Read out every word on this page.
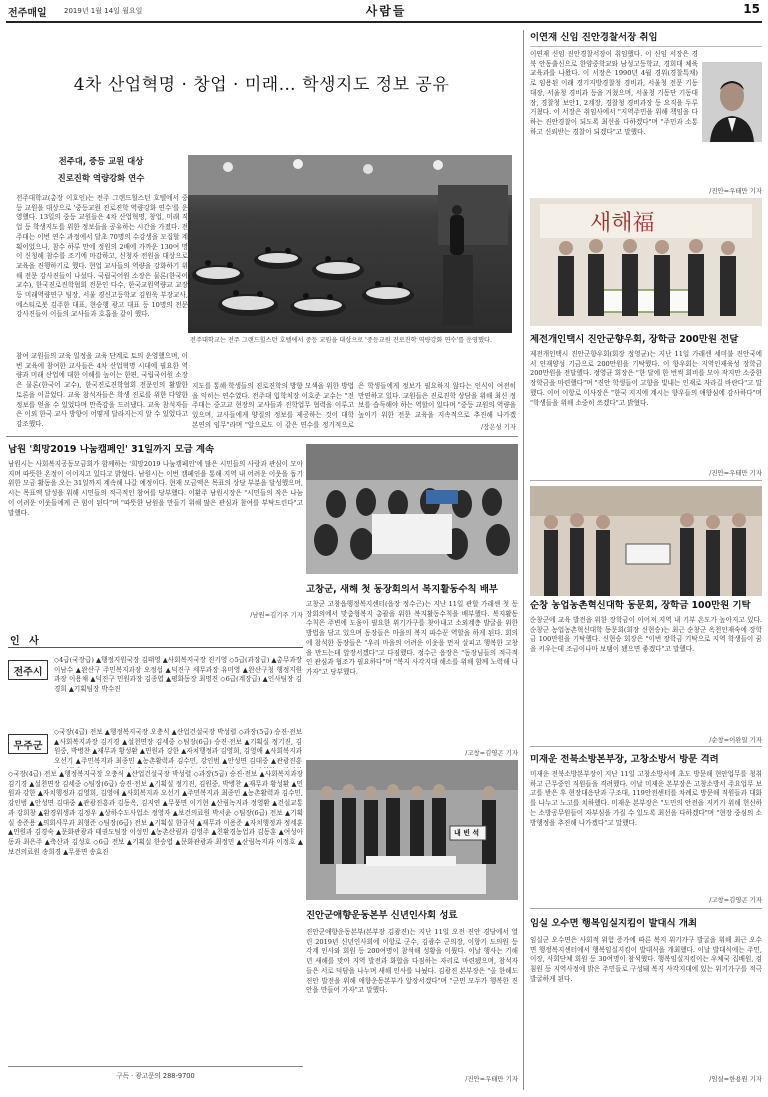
전주매일 2019년 1월 14일 월요일	사람들	15
4차 산업혁명 · 창업 · 미래… 학생지도 정보 공유
전주대, 중등 교원 대상
진로진학 역량강화 연수
전주대학교(총장 이호인)는 전주 그랜드힐스턴 호텔에서 중등 교원을 대상으로 '중등교원 진로진학 역량강화 연수'를 운영했다. 13일의 중등 교원들은 4차 산업혁명, 창업, 미래 직업 등 학생지도를 위한 정보들을 공유하는 시간을 가졌다. 전주대는 이번 연수 과정에서 달초 70명의 수강생을 모집할 계획이었으나, 참수 하루 만에 정원의 2배에 가까운 130여 명이 신청해 참수를 조기에 마감하고, 신청자 전원을 대상으로 교육을 진행하기로 했다. 현업 교사들의 역량을 강화하기 위해 전문 강사진들이 나섰다. 국립국어원 소장은 물론(한국어 교수), 한국진로진학협회 전문인 다수, 한국교원역량교 교장 등 미래역량연구 팀장, 서울 경신고등학교 김원욱 부장교사, 에스티로봇 김주한 대표, 현승행 광고 대표 등 10명의 전문 강사진들이 이들의 교사들과 호흡을 같이 했다.
참여 교원들의 교육 일정을 교육 단계로 토의 운영했으며, 이번 교육에 참여한 교사들은 4차 산업혁명 시대에 필요한 역량과 미래 산업에 대한 이해를 높이는 한편, 국립국어원 소장은 물론(한국어 교수), 한국진로진학협회 전문인의 활발한 토론을 이끌었다. 교육 참석자들은 학생 진로를 위한 다양한 정보를 얻을 수 있었다며 만족감을 드러냈다. 교육 참석자들은 이외 한국 교사 방향이 어떻게 달라지는지 알 수 있었다고 강조했다.
지도를 통해 학생들의 진로진학의 방향 모색을 위한 방법을 익히는 연수였다. 전주대 입학처장 이호준 교수는 "전주대는 중고교 현장의 교사들과 진학업무 협력을 이루고 있으며, 교사들에게 양질의 정보를 제공하는 것이 대학 본연의 임무"라며 "앞으로도 이 같은 연수를 정기적으로
은 학생들에게 정보가 필요하지 않다는 인식이 여전히 만연하고 있다. 교원들은 진로진학 상담을 위해 최신 정보를 습득해야 하는 역할이 있다며 "중등 교원의 역량을 높이기 위한 전문 교육을 지속적으로 추진해 나가겠
/장은성 기자
전주대학교는 전주 그랜드힐스턴 호텔에서 중등 교원을 대상으로 '중등교원 진로진학 역량강화 연수'를 운영했다.
이연재 신임 진안경찰서장 취임
이연재 신임 진안경찰서장이 취임했다. 이 신임 서장은 경북 안동출신으로 한양중학교와 남성고등학교, 경희대 체육교육과를 나왔다. 이 서장은 1990년 4월 경위(경찰특채)로 임용된 이래 경기지방경찰청 경비과, 서울청 전문 기동대장, 서울청 경비과 등을 거쳤으며, 서울청 기동단 기동대장, 경찰청 보안1, 2계장, 경찰청 경비과장 등 요직을 두루 거쳤다. 이 서장은 취임사에서 "지역주민을 위해 책임을 다하는 진안경찰이 되도록 최선을 다하겠다"며 "주민과 소통하고 신뢰받는 경찰이 되겠다"고 말했다.
/진안=우태만 기자
새해福
제전개인택시 진안군향우회, 장학금 200만원 전달
제전개인택시 진안군향우회(회장 정영균)는 지난 11일 가래센 세미불 진안국에서 인재양성 기금으로 200만원을 기탁했다. 이 향우회는 지역인재육성 장학금 200만원을 전달했다. 정영균 회장은 "한 달에 한 번씩 회비를 모아 작지만 소중한 장학금을 마련했다"며 "진안 학생들이 고향을 빛내는 인재로 자라길 바란다"고 말했다. 이어 이항로 이사장은 "한국 지지에 계시는 향우들의 애향심에 감사하다"며 "학생들을 위해 소중히 쓰겠다"고 밝혔다.
/진안=우태만 기자
순창 농업농촌혁신대학 동문회, 장학금 100만원 기탁
순창군에 교육 발전을 위한 장학금이 이어져 지역 내 기부 온도가 높아지고 있다. 순창군 농업농촌혁신대학 동문회(회장 신현승)는 최근 순창군 옥천인재숙에 장학금 100만원을 기탁했다. 신현승 회장은 "이번 장학금 기탁으로 지역 학생들이 꿈을 키우는데 조금이나마 보탬이 됐으면 좋겠다"고 말했다.
/순창=이완일 기자
미재운 전북소방본부장, 고창소방서 방문 격려
미재운 전북소방본부장이 지난 11일 고창소방서에 초도 방문해 현안업무를 청취하고 근무중인 직원들을 격려했다. 이날 미재운 본부장은 고창소방서 주요업무 보고를 받은 후 현장대응단과 구조대, 119안전센터를 차례로 방문해 직원들과 대화를 나누고 노고를 치하했다. 미재운 본부장은 "도민의 안전을 지키기 위해 헌신하는 소방공무원들이 자부심을 가질 수 있도록 최선을 다하겠다"며 "현장 중심의 소방행정을 추진해 나가겠다"고 말했다.
/고창=김영곤 기자
임실 오수면 행복임실지킴이 발대식 개최
임실군 오수면은 사회적 위험 증가에 따른 복지 위기가구 발굴을 위해 최근 오수면 행정복지센터에서 행복임실지킴이 발대식을 개최했다. 이날 발대식에는 주민, 이장, 사회단체 회원 등 30여명이 참석했다. 행복임실지킴이는 우체국 집배원, 검침원 등 지역사정에 밝은 주민들로 구성돼 복지 사각지대에 있는 위기가구를 적극 발굴하게 된다.
/임실=한용원 기자
남원 '희망2019 나눔캠페인' 31일까지 모금 계속
남원시는 사회복지공동모금회가 함께하는 '희망2019 나눔캠페인'에 많은 시민들의 사랑과 관심이 모아지며 따뜻한 온정이 이어지고 있다고 밝혔다. 남원시는 이번 캠페인을 통해 지역 내 어려운 이웃을 돕기 위한 모금 활동을 오는 31일까지 계속해 나갈 예정이다. 현재 모금액은 목표의 상당 부분을 달성했으며, 시는 목표액 달성을 위해 시민들의 적극적인 참여를 당부했다. 이환주 남원시장은 "시민들의 작은 나눔이 어려운 이웃들에게 큰 힘이 된다"며 "따뜻한 남원을 만들기 위해 많은 관심과 참여를 부탁드린다"고 말했다.
/남원=김기주 기자
고창군, 새해 첫 동장회의서 복지활동수칙 배부
고창군 고창읍행정복지센터(읍장 정수근)는 지난 11일 관할 가래센 첫 동장회의에서 맞춤형복지 총괄을 위한 복지활동수칙을 배부했다. 복지활동수칙은 주변에 도움이 필요한 위기가구를 찾아내고 소외계층 발굴을 위한 방법을 담고 있으며 동장들은 마을의 복지 파수꾼 역할을 하게 된다. 회의에 참석한 동장들은 "우리 마을의 어려운 이웃을 먼저 살피고 행복한 고창을 만드는데 앞장서겠다"고 다짐했다. 정수근 읍장은 "동장님들의 적극적인 관심과 협조가 필요하다"며 "복지 사각지대 해소를 위해 함께 노력해 나가자"고 당부했다.
/고창=김영곤 기자
내 빈 석
진안군애향운동본부 신년인사회 성료
진안군애향운동본부(본부장 김광진)는 지난 11일 오전 진안 경당에서 열린 2019년 신년인사회에 이항로 군수, 김광수 군의장, 이항기 도의원 등 각계 인사와 회원 등 200여명이 참석해 성황을 이뤘다. 이날 행사는 기해년 새해를 맞아 지역 발전과 화합을 다짐하는 자리로 마련됐으며, 참석자들은 서로 덕담을 나누며 새해 인사를 나눴다. 김광진 본부장은 "올 한해도 진안 발전을 위해 애향운동본부가 앞장서겠다"며 "군민 모두가 행복한 진안을 만들어 가자"고 말했다.
/진안=우태만 기자
인 사
전주시
◇4급(국장급) ▲행정지원국장 김태영 ▲사회복지국장 진기영 ◇5급(과장급) ▲총무과장 이남수 ▲완산구 주민복지과장 오정섭 ▲덕진구 세무과장 유미영 ▲완산구청 행정지원과장 이용채 ▲덕진구 민원과장 김종엽 ▲평화동장 최명진 ◇6급(계장급) ▲인사팀장 김경희 ▲기획팀장 박수진
무주군
◇국장(4급) 전보 ▲행정복지국장 오충식 ▲산업건설국장 박성렬 ◇과장(5급) 승진·전보 ▲사회복지과장 김기경 ▲설천면장 김세중 ◇팀장(6급) 승진·전보 ▲기획실 정기진, 김원중, 박병찬 ▲재무과 황성환 ▲민원과 강한 ▲자치행정과 김영희, 김영애 ▲사회복지과 오선기 ▲주민복지과 최종민 ▲농촌활력과 김수민, 강인범 ▲안성면 김대중 ▲관광진흥
◇국장(4급) 전보 ▲행정복지국장 오충식 ▲산업건설국장 박성렬 ◇과장(5급) 승진·전보 ▲사회복지과장 김기경 ▲설천면장 김세중 ◇팀장(6급) 승진·전보 ▲기획실 정기진, 김원중, 박병찬 ▲재무과 황성환 ▲민원과 강한 ▲자치행정과 김영희, 김영애 ▲사회복지과 오선기 ▲주민복지과 최종민 ▲농촌활력과 김수민, 강인범 ▲안성면 김대중 ▲관광진흥과 김동옥, 김지연 ▲무풍면 이기현 ▲산림녹지과 정영환 ▲건설교통과 강희창 ▲환경위생과 김정우 ▲상하수도사업소 정영자 ▲보건의료원 박서윤 ◇팀장(6급) 전보 ▲기획실 송준용 ▲의회사무과 최형준 ◇팀장(6급) 전보 ▲기획실 한규석 ▲재무과 이용준 ▲자치행정과 정세훈 ▲민원과 김경숙 ▲문화관광과 태권도팀장 이성민 ▲농촌산림과 김영주 ▲친환경농업과 김동훈 ▲여성아동과 최은주 ▲축산과 김성호 ◇6급 전보 ▲기획실 한승엽 ▲문화관광과 최정민 ▲산림녹지과 이정호 ▲보건의료원 송희경 ▲무풍면 송효진
구독 · 광고문의 288-9700
